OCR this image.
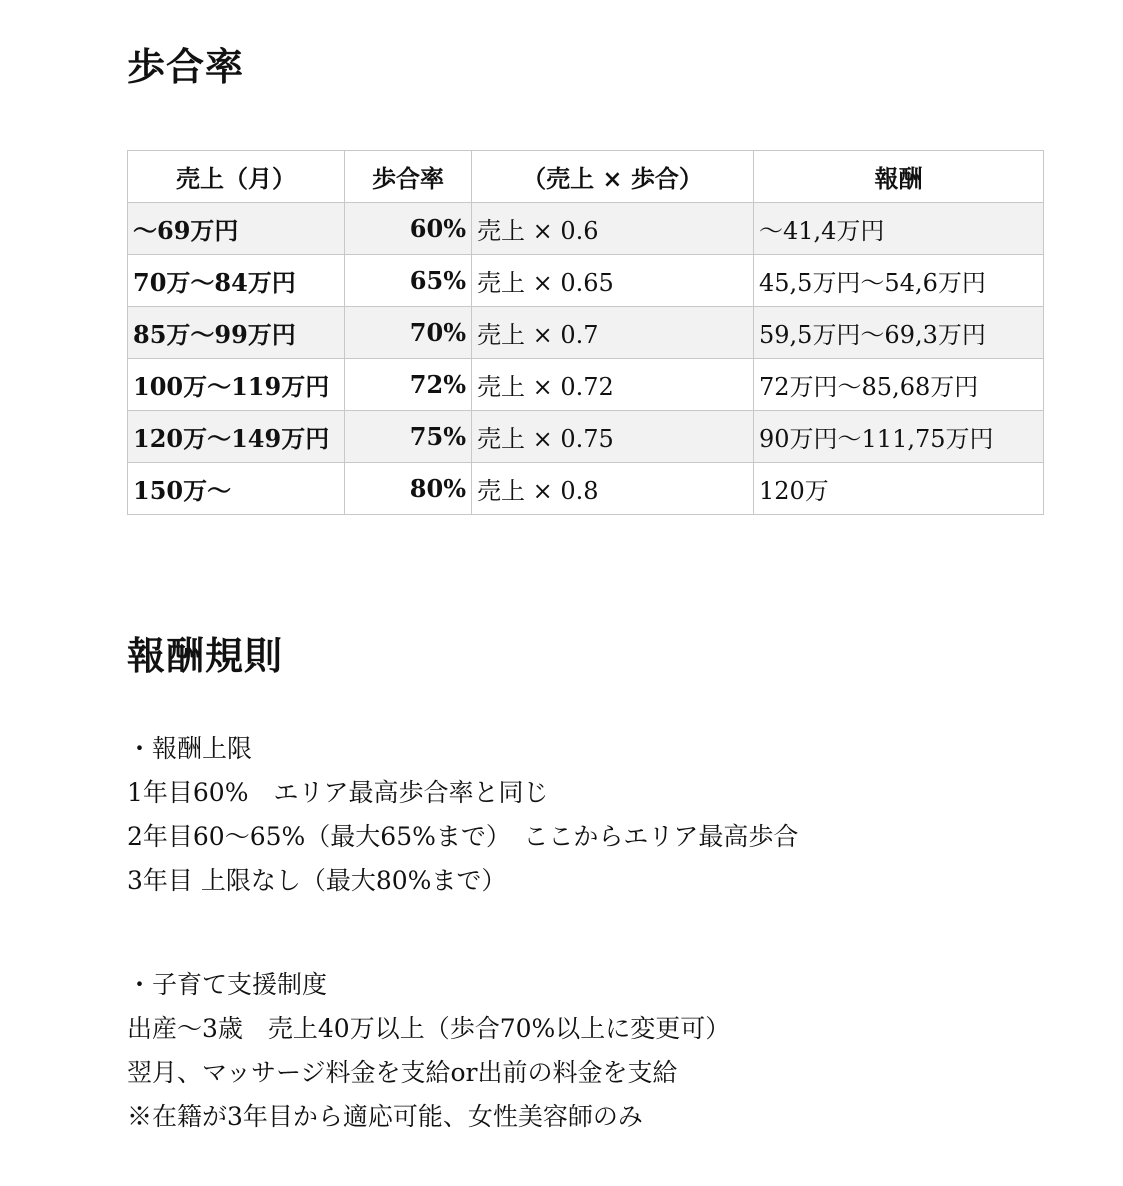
歩合率
売上（月）	歩合率	（売上 × 歩合）	報酬
〜69万円	60%	売上 × 0.6	〜41,4万円
70万〜84万円	65%	売上 × 0.65	45,5万円〜54,6万円
85万〜99万円	70%	売上 × 0.7	59,5万円〜69,3万円
100万〜119万円	72%	売上 × 0.72	72万円〜85,68万円
120万〜149万円	75%	売上 × 0.75	90万円〜111,75万円
150万〜	80%	売上 × 0.8	120万
報酬規則

・報酬上限

1年目60%　エリア最高歩合率と同じ

2年目60〜65%（最大65%まで）　ここからエリア最高歩合

3年目 上限なし（最大80%まで）

・子育て支援制度

出産〜3歳　売上40万以上（歩合70%以上に変更可）

翌月、マッサージ料金を支給or出前の料金を支給

※在籍が3年目から適応可能、女性美容師のみ
